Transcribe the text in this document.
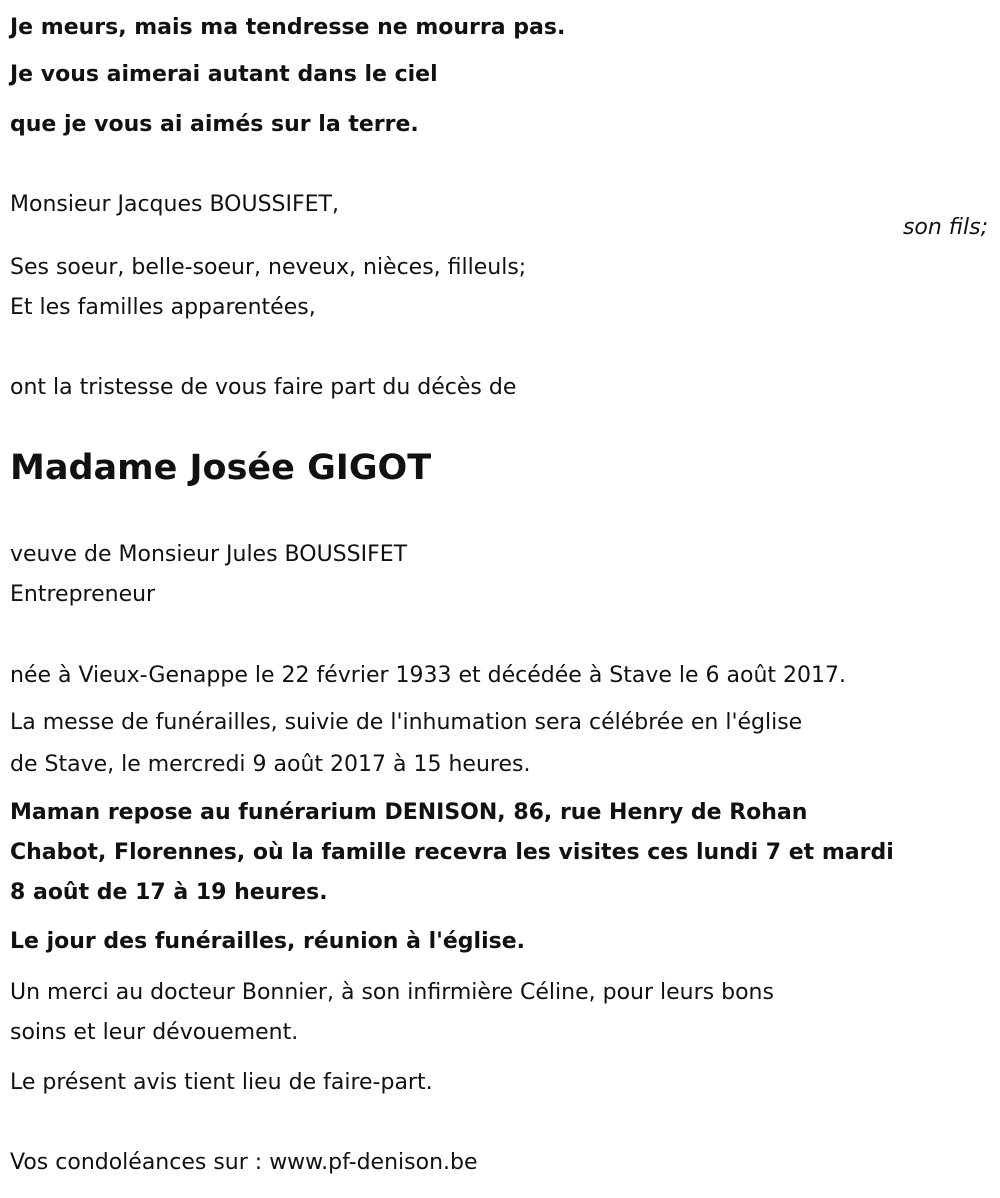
Je meurs, mais ma tendresse ne mourra pas.
Je vous aimerai autant dans le ciel
que je vous ai aimés sur la terre.
Monsieur Jacques BOUSSIFET,
son fils;
Ses soeur, belle-soeur, neveux, nièces, filleuls;
Et les familles apparentées,
ont la tristesse de vous faire part du décès de
Madame Josée GIGOT
veuve de Monsieur Jules BOUSSIFET
Entrepreneur
née à Vieux-Genappe le 22 février 1933 et décédée à Stave le 6 août 2017.
La messe de funérailles, suivie de l'inhumation sera célébrée en l'église
de Stave, le mercredi 9 août 2017 à 15 heures.
Maman repose au funérarium DENISON, 86, rue Henry de Rohan
Chabot, Florennes, où la famille recevra les visites ces lundi 7 et mardi
8 août de 17 à 19 heures.
Le jour des funérailles, réunion à l'église.
Un merci au docteur Bonnier, à son infirmière Céline, pour leurs bons
soins et leur dévouement.
Le présent avis tient lieu de faire-part.
Vos condoléances sur : www.pf-denison.be
